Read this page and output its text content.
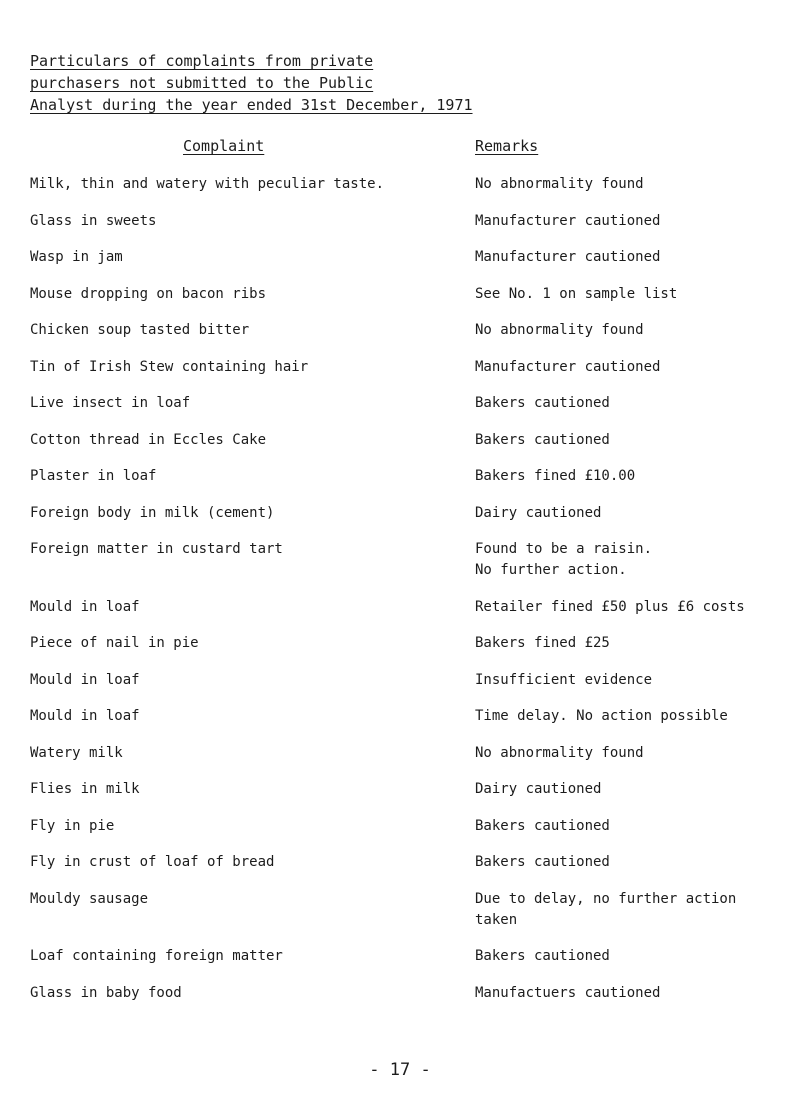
Particulars of complaints from private
purchasers not submitted to the Public
Analyst during the year ended 31st December, 1971
Complaint	Remarks
Milk, thin and watery with peculiar taste.	No abnormality found
Glass in sweets	Manufacturer cautioned
Wasp in jam	Manufacturer cautioned
Mouse dropping on bacon ribs	See No. 1 on sample list
Chicken soup tasted bitter	No abnormality found
Tin of Irish Stew containing hair	Manufacturer cautioned
Live insect in loaf	Bakers cautioned
Cotton thread in Eccles Cake	Bakers cautioned
Plaster in loaf	Bakers fined £10.00
Foreign body in milk (cement)	Dairy cautioned
Foreign matter in custard tart	Found to be a raisin.
No further action.
Mould in loaf	Retailer fined £50 plus £6 costs
Piece of nail in pie	Bakers fined £25
Mould in loaf	Insufficient evidence
Mould in loaf	Time delay. No action possible
Watery milk	No abnormality found
Flies in milk	Dairy cautioned
Fly in pie	Bakers cautioned
Fly in crust of loaf of bread	Bakers cautioned
Mouldy sausage	Due to delay, no further action
taken
Loaf containing foreign matter	Bakers cautioned
Glass in baby food	Manufactuers cautioned
- 17 -
